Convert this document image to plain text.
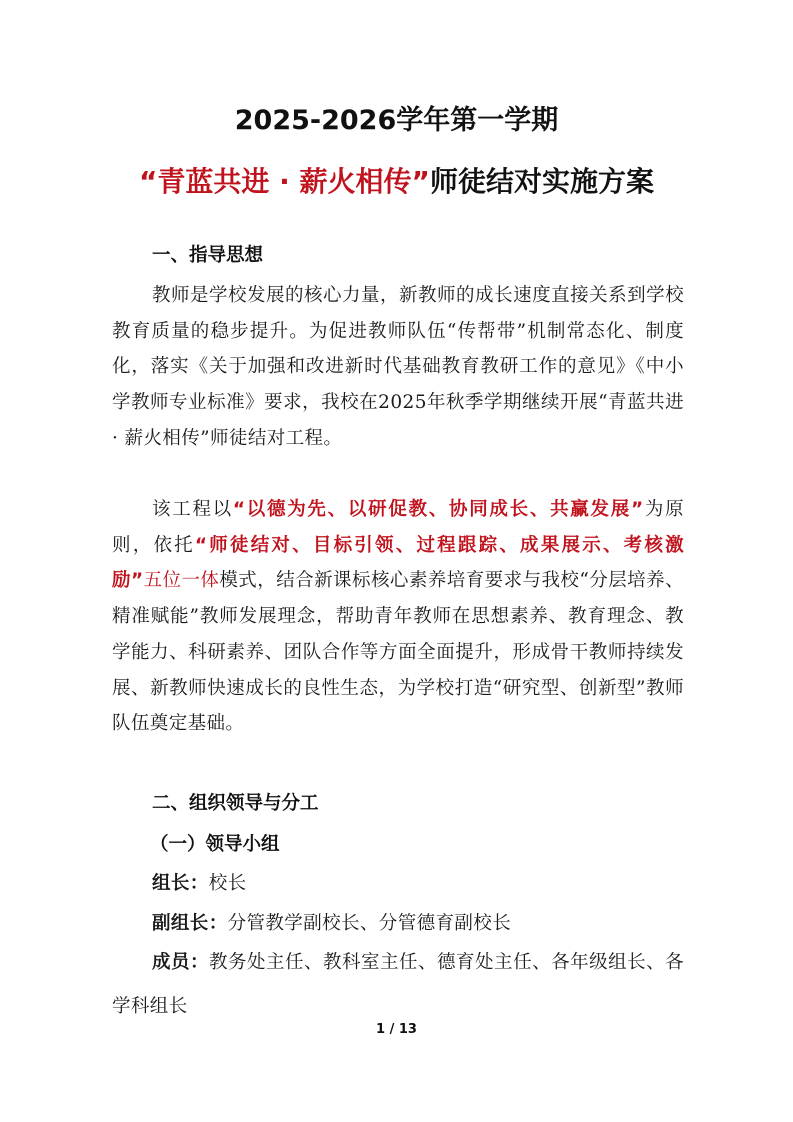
2025-2026学年第一学期
“青蓝共进 · 薪火相传”师徒结对实施方案
一、指导思想

教师是学校发展的核心力量，新教师的成长速度直接关系到学校教育质量的稳步提升。为促进教师队伍“传帮带”机制常态化、制度化，落实《关于加强和改进新时代基础教育教研工作的意见》《中小学教师专业标准》要求，我校在2025年秋季学期继续开展“青蓝共进 · 薪火相传”师徒结对工程。

该工程以“以德为先、以研促教、协同成长、共赢发展”为原则，依托“师徒结对、目标引领、过程跟踪、成果展示、考核激励”五位一体模式，结合新课标核心素养培育要求与我校“分层培养、精准赋能”教师发展理念，帮助青年教师在思想素养、教育理念、教学能力、科研素养、团队合作等方面全面提升，形成骨干教师持续发展、新教师快速成长的良性生态，为学校打造“研究型、创新型”教师队伍奠定基础。

二、组织领导与分工
（一）领导小组
组长：校长
副组长：分管教学副校长、分管德育副校长

成员：教务处主任、教科室主任、德育处主任、各年级组长、各学科组长

1 / 13
